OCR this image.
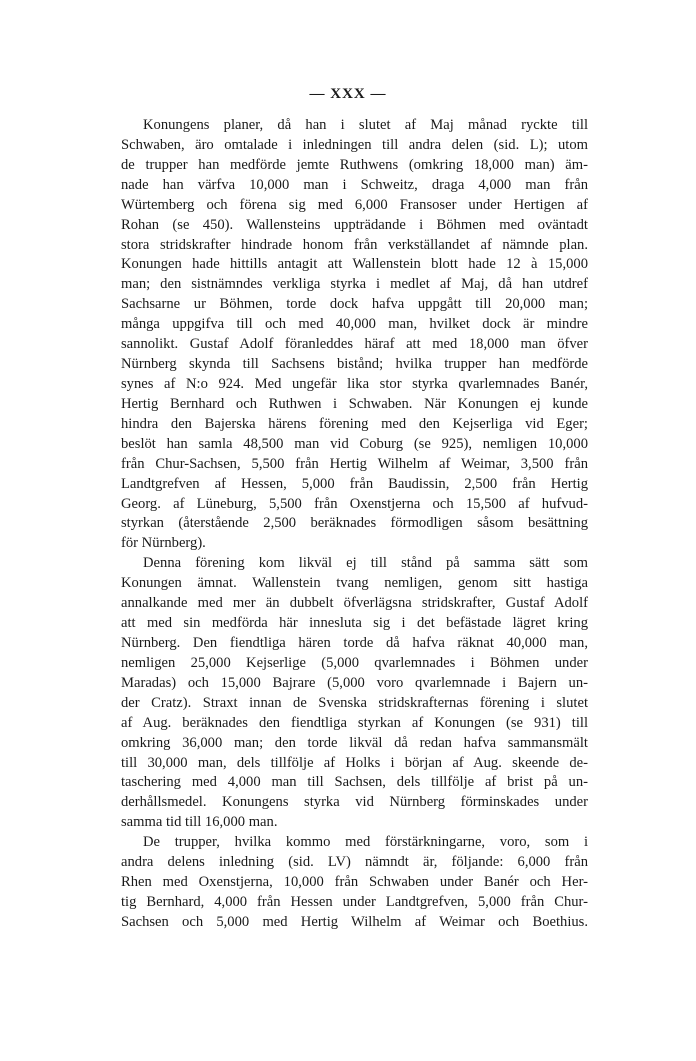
— XXX —
Konungens planer, då han i slutet af Maj månad ryckte till
Schwaben, äro omtalade i inledningen till andra delen (sid. L); utom
de trupper han medförde jemte Ruthwens (omkring 18,000 man) äm-
nade han värfva 10,000 man i Schweitz, draga 4,000 man från
Würtemberg och förena sig med 6,000 Fransoser under Hertigen af
Rohan (se 450). Wallensteins uppträdande i Böhmen med oväntadt
stora stridskrafter hindrade honom från verkställandet af nämnde plan.
Konungen hade hittills antagit att Wallenstein blott hade 12 à 15,000
man; den sistnämndes verkliga styrka i medlet af Maj, då han utdref
Sachsarne ur Böhmen, torde dock hafva uppgått till 20,000 man;
många uppgifva till och med 40,000 man, hvilket dock är mindre
sannolikt. Gustaf Adolf föranleddes häraf att med 18,000 man öfver
Nürnberg skynda till Sachsens bistånd; hvilka trupper han medförde
synes af N:o 924. Med ungefär lika stor styrka qvarlemnades Banér,
Hertig Bernhard och Ruthwen i Schwaben. När Konungen ej kunde
hindra den Bajerska härens förening med den Kejserliga vid Eger;
beslöt han samla 48,500 man vid Coburg (se 925), nemligen 10,000
från Chur-Sachsen, 5,500 från Hertig Wilhelm af Weimar, 3,500 från
Landtgrefven af Hessen, 5,000 från Baudissin, 2,500 från Hertig
Georg. af Lüneburg, 5,500 från Oxenstjerna och 15,500 af hufvud-
styrkan (återstående 2,500 beräknades förmodligen såsom besättning
för Nürnberg).
Denna förening kom likväl ej till stånd på samma sätt som
Konungen ämnat. Wallenstein tvang nemligen, genom sitt hastiga
annalkande med mer än dubbelt öfverlägsna stridskrafter, Gustaf Adolf
att med sin medförda här innesluta sig i det befästade lägret kring
Nürnberg. Den fiendtliga hären torde då hafva räknat 40,000 man,
nemligen 25,000 Kejserlige (5,000 qvarlemnades i Böhmen under
Maradas) och 15,000 Bajrare (5,000 voro qvarlemnade i Bajern un-
der Cratz). Straxt innan de Svenska stridskrafternas förening i slutet
af Aug. beräknades den fiendtliga styrkan af Konungen (se 931) till
omkring 36,000 man; den torde likväl då redan hafva sammansmält
till 30,000 man, dels tillfölje af Holks i början af Aug. skeende de-
taschering med 4,000 man till Sachsen, dels tillfölje af brist på un-
derhållsmedel. Konungens styrka vid Nürnberg förminskades under
samma tid till 16,000 man.
De trupper, hvilka kommo med förstärkningarne, voro, som i
andra delens inledning (sid. LV) nämndt är, följande: 6,000 från
Rhen med Oxenstjerna, 10,000 från Schwaben under Banér och Her-
tig Bernhard, 4,000 från Hessen under Landtgrefven, 5,000 från Chur-
Sachsen och 5,000 med Hertig Wilhelm af Weimar och Boethius.
